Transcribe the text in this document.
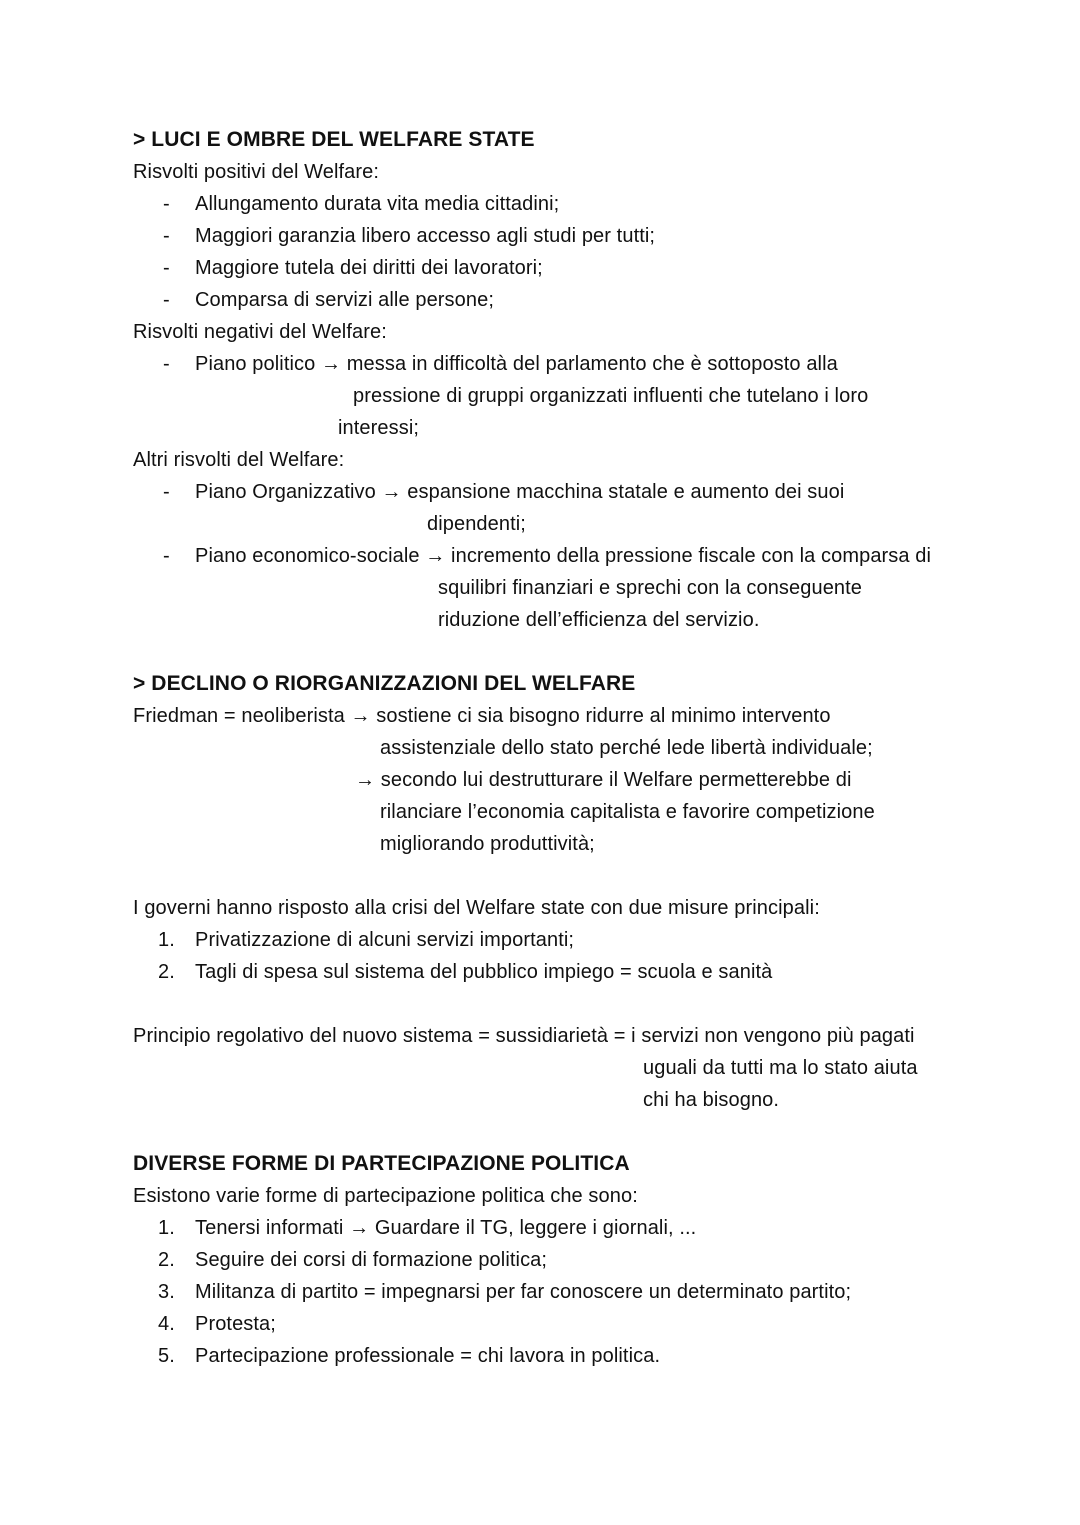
> LUCI E OMBRE DEL WELFARE STATE
Risvolti positivi del Welfare:
- Allungamento durata vita media cittadini;
- Maggiori garanzia libero accesso agli studi per tutti;
- Maggiore tutela dei diritti dei lavoratori;
- Comparsa di servizi alle persone;
Risvolti negativi del Welfare:
- Piano politico → messa in difficoltà del parlamento che è sottoposto alla
pressione di gruppi organizzati influenti che tutelano i loro
interessi;
Altri risvolti del Welfare:
- Piano Organizzativo → espansione macchina statale e aumento dei suoi
dipendenti;
- Piano economico-sociale → incremento della pressione fiscale con la comparsa di
squilibri finanziari e sprechi con la conseguente
riduzione dell’efficienza del servizio.
> DECLINO O RIORGANIZZAZIONI DEL WELFARE
Friedman = neoliberista → sostiene ci sia bisogno ridurre al minimo intervento
assistenziale dello stato perché lede libertà individuale;
→ secondo lui destrutturare il Welfare permetterebbe di
rilanciare l’economia capitalista e favorire competizione
migliorando produttività;
I governi hanno risposto alla crisi del Welfare state con due misure principali:
1. Privatizzazione di alcuni servizi importanti;
2. Tagli di spesa sul sistema del pubblico impiego = scuola e sanità
Principio regolativo del nuovo sistema = sussidiarietà = i servizi non vengono più pagati
uguali da tutti ma lo stato aiuta
chi ha bisogno.
DIVERSE FORME DI PARTECIPAZIONE POLITICA
Esistono varie forme di partecipazione politica che sono:
1. Tenersi informati → Guardare il TG, leggere i giornali, ...
2. Seguire dei corsi di formazione politica;
3. Militanza di partito = impegnarsi per far conoscere un determinato partito;
4. Protesta;
5. Partecipazione professionale = chi lavora in politica.
